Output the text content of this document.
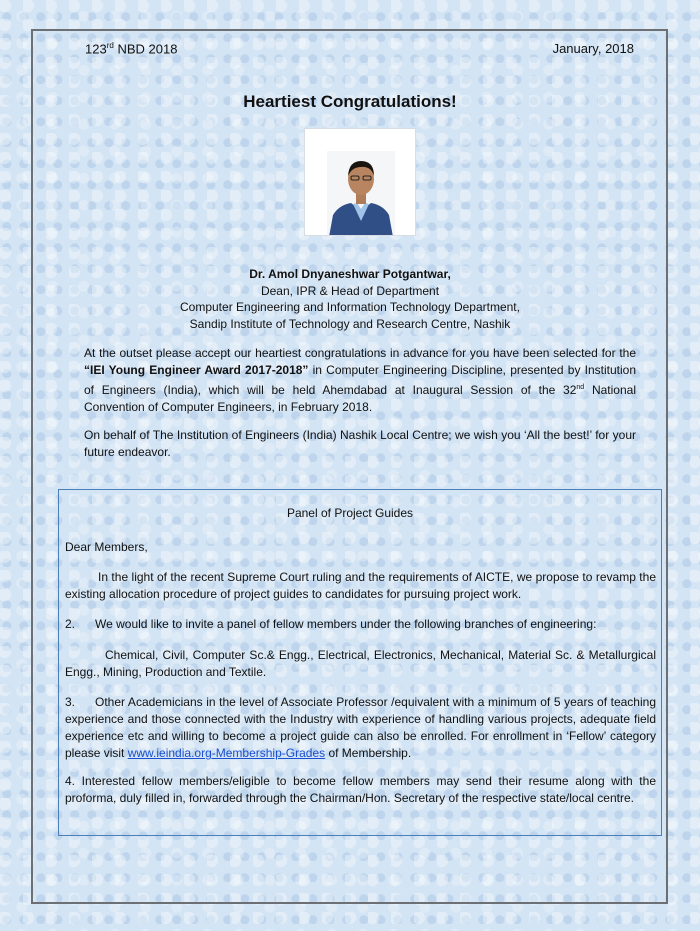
123rd NBD 2018	January, 2018
Heartiest Congratulations!
Dr. Amol Dnyaneshwar Potgantwar,
Dean, IPR & Head of Department
Computer Engineering and Information Technology Department,
Sandip Institute of Technology and Research Centre, Nashik
At the outset please accept our heartiest congratulations in advance for you have been selected for the “IEI Young Engineer Award 2017-2018” in Computer Engineering Discipline, presented by Institution of Engineers (India), which will be held Ahemdabad at Inaugural Session of the 32nd National Convention of Computer Engineers, in February 2018.
On behalf of The Institution of Engineers (India) Nashik Local Centre; we wish you ‘All the best!’ for your future endeavor.
Panel of Project Guides
Dear Members,
In the light of the recent Supreme Court ruling and the requirements of AICTE, we propose to revamp the existing allocation procedure of project guides to candidates for pursuing project work.
2. We would like to invite a panel of fellow members under the following branches of engineering:
Chemical, Civil, Computer Sc.& Engg., Electrical, Electronics, Mechanical, Material Sc. & Metallurgical Engg., Mining, Production and Textile.
3. Other Academicians in the level of Associate Professor /equivalent with a minimum of 5 years of teaching experience and those connected with the Industry with experience of handling various projects, adequate field experience etc and willing to become a project guide can also be enrolled. For enrollment in ‘Fellow’ category please visit www.ieindia.org-Membership-Grades of Membership.
4. Interested fellow members/eligible to become fellow members may send their resume along with the proforma, duly filled in, forwarded through the Chairman/Hon. Secretary of the respective state/local centre.
